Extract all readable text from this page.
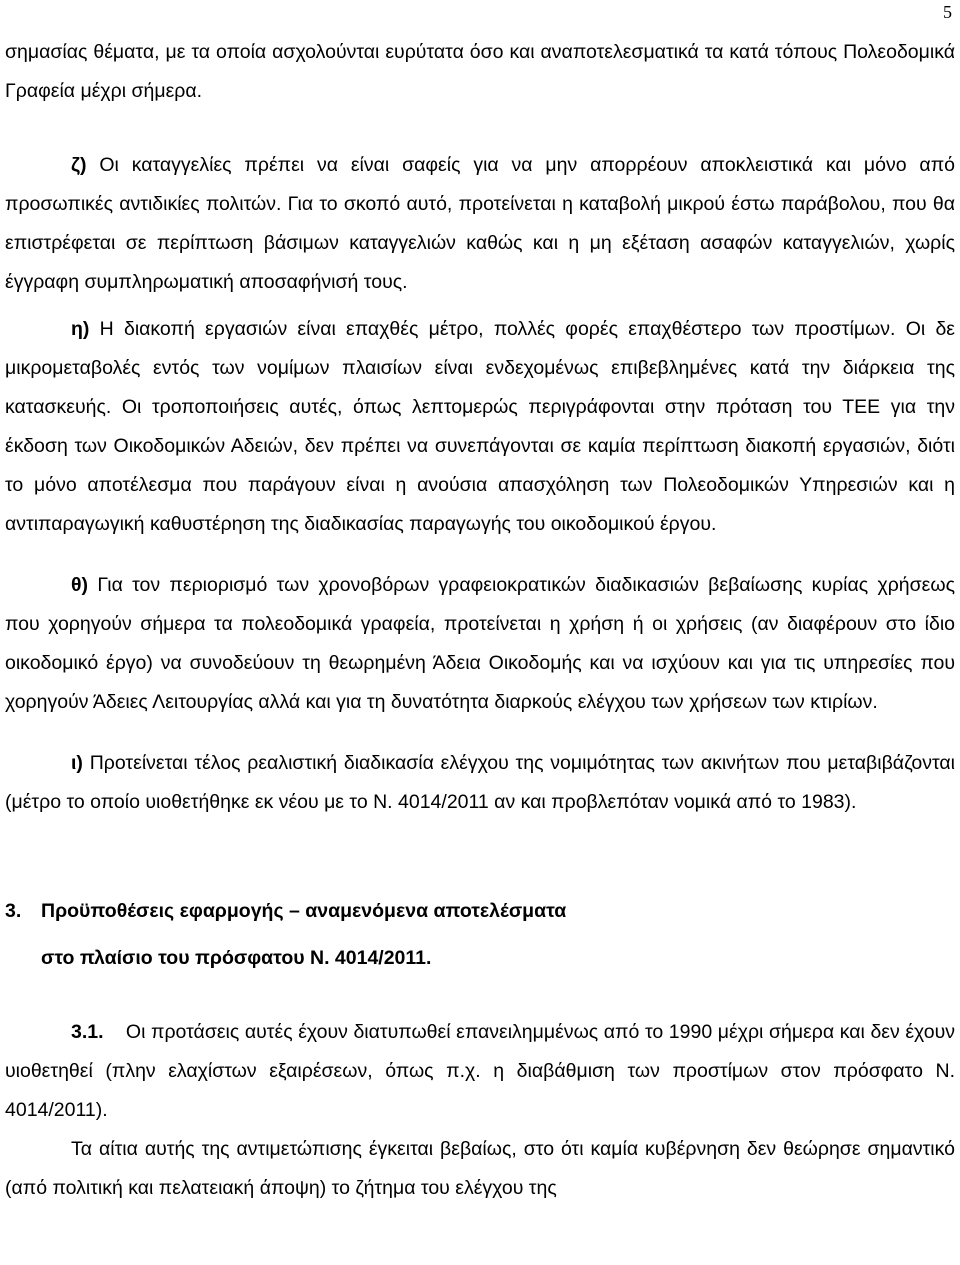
5

σημασίας θέματα, με τα οποία ασχολούνται ευρύτατα όσο και αναποτελεσματικά τα κατά τόπους Πολεοδομικά Γραφεία μέχρι σήμερα.

ζ) Οι καταγγελίες πρέπει να είναι σαφείς για να μην απορρέουν αποκλειστικά και μόνο από προσωπικές αντιδικίες πολιτών. Για το σκοπό αυτό, προτείνεται η καταβολή μικρού έστω παράβολου, που θα επιστρέφεται σε περίπτωση βάσιμων καταγγελιών καθώς και η μη εξέταση ασαφών καταγγελιών, χωρίς έγγραφη συμπληρωματική αποσαφήνισή τους.

η) Η διακοπή εργασιών είναι επαχθές μέτρο, πολλές φορές επαχθέστερο των προστίμων. Οι δε μικρομεταβολές εντός των νομίμων πλαισίων είναι ενδεχομένως επιβεβλημένες κατά την διάρκεια της κατασκευής. Οι τροποποιήσεις αυτές, όπως λεπτομερώς περιγράφονται στην πρόταση του ΤΕΕ για την έκδοση των Οικοδομικών Αδειών, δεν πρέπει να συνεπάγονται σε καμία περίπτωση διακοπή εργασιών, διότι το μόνο αποτέλεσμα που παράγουν είναι η ανούσια απασχόληση των Πολεοδομικών Υπηρεσιών και η αντιπαραγωγική καθυστέρηση της διαδικασίας παραγωγής του οικοδομικού έργου.

θ) Για τον περιορισμό των χρονοβόρων γραφειοκρατικών διαδικασιών βεβαίωσης κυρίας χρήσεως που χορηγούν σήμερα τα πολεοδομικά γραφεία, προτείνεται η χρήση ή οι χρήσεις (αν διαφέρουν στο ίδιο οικοδομικό έργο) να συνοδεύουν τη θεωρημένη Άδεια Οικοδομής και να ισχύουν και για τις υπηρεσίες που χορηγούν Άδειες Λειτουργίας αλλά και για τη δυνατότητα διαρκούς ελέγχου των χρήσεων των κτιρίων.

ι) Προτείνεται τέλος ρεαλιστική διαδικασία ελέγχου της νομιμότητας των ακινήτων που μεταβιβάζονται (μέτρο το οποίο υιοθετήθηκε εκ νέου με το Ν. 4014/2011 αν και προβλεπόταν νομικά από το 1983).

3. Προϋποθέσεις εφαρμογής – αναμενόμενα αποτελέσματα
στο πλαίσιο του πρόσφατου Ν. 4014/2011.

3.1. Οι προτάσεις αυτές έχουν διατυπωθεί επανειλημμένως από το 1990 μέχρι σήμερα και δεν έχουν υιοθετηθεί (πλην ελαχίστων εξαιρέσεων, όπως π.χ. η διαβάθμιση των προστίμων στον πρόσφατο Ν. 4014/2011).

Τα αίτια αυτής της αντιμετώπισης έγκειται βεβαίως, στο ότι καμία κυβέρνηση δεν θεώρησε σημαντικό (από πολιτική και πελατειακή άποψη) το ζήτημα του ελέγχου της
